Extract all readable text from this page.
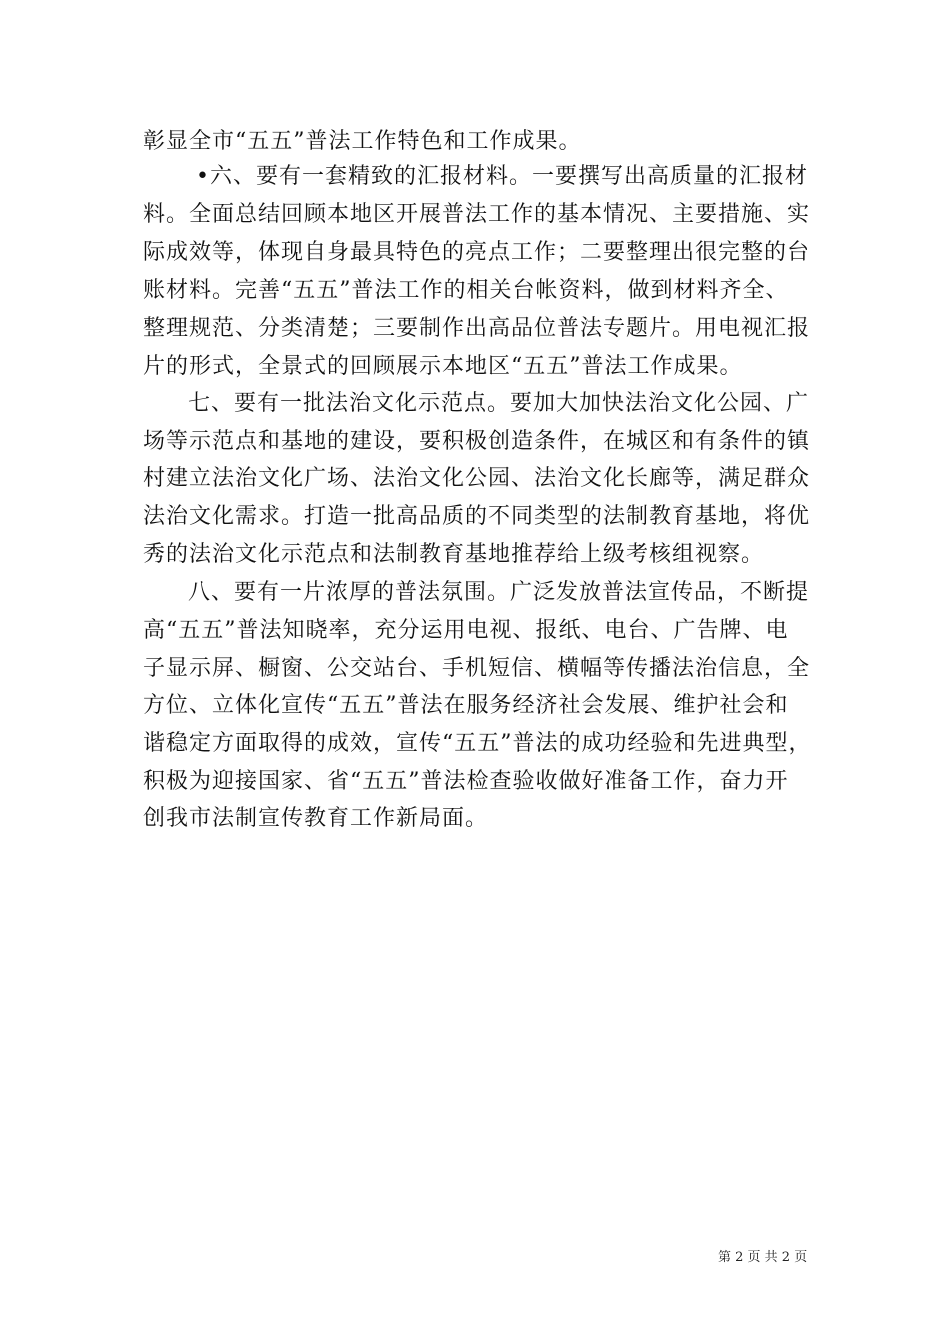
彰显全市“五五”普法工作特色和工作成果。
•六、要有一套精致的汇报材料。一要撰写出高质量的汇报材
料。全面总结回顾本地区开展普法工作的基本情况、主要措施、实
际成效等，体现自身最具特色的亮点工作；二要整理出很完整的台
账材料。完善“五五”普法工作的相关台帐资料，做到材料齐全、
整理规范、分类清楚；三要制作出高品位普法专题片。用电视汇报
片的形式，全景式的回顾展示本地区“五五”普法工作成果。
七、要有一批法治文化示范点。要加大加快法治文化公园、广
场等示范点和基地的建设，要积极创造条件，在城区和有条件的镇
村建立法治文化广场、法治文化公园、法治文化长廊等，满足群众
法治文化需求。打造一批高品质的不同类型的法制教育基地，将优
秀的法治文化示范点和法制教育基地推荐给上级考核组视察。
八、要有一片浓厚的普法氛围。广泛发放普法宣传品，不断提
高“五五”普法知晓率，充分运用电视、报纸、电台、广告牌、电
子显示屏、橱窗、公交站台、手机短信、横幅等传播法治信息，全
方位、立体化宣传“五五”普法在服务经济社会发展、维护社会和
谐稳定方面取得的成效，宣传“五五”普法的成功经验和先进典型，
积极为迎接国家、省“五五”普法检查验收做好准备工作，奋力开
创我市法制宣传教育工作新局面。
第 2 页 共 2 页
